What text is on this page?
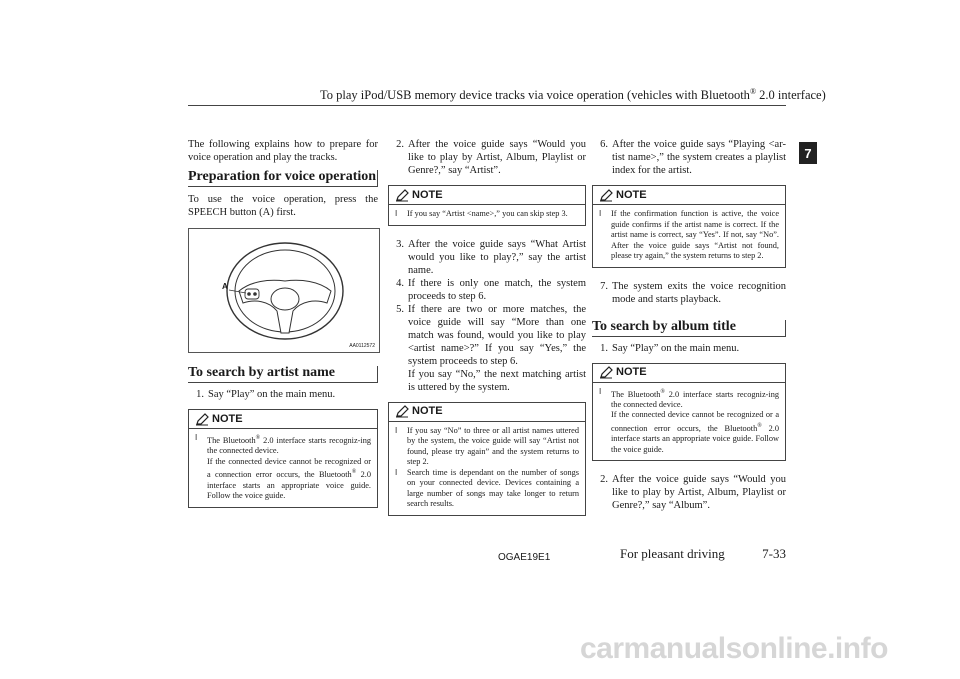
To play iPod/USB memory device tracks via voice operation (vehicles with Bluetooth® 2.0 interface)
7

The following explains how to prepare for voice operation and play the tracks.

Preparation for voice operation

To use the voice operation, press the SPEECH button (A) first.

A
AA0112572
To search by artist name
1. Say “Play” on the main menu.
NOTE
l	The Bluetooth® 2.0 interface starts recogniz-ing the connected device.
If the connected device cannot be recognized or a connection error occurs, the Bluetooth® 2.0 interface starts an appropriate voice guide. Follow the voice guide.
2. After the voice guide says “Would you like to play by Artist, Album, Playlist or Genre?,” say “Artist”.
NOTE
l	If you say “Artist <name>,” you can skip step 3.
3. After the voice guide says “What Artist would you like to play?,” say the artist name.
4. If there is only one match, the system proceeds to step 6.
5. If there are two or more matches, the voice guide will say “More than one match was found, would you like to play <artist name>?” If you say “Yes,” the system proceeds to step 6.
If you say “No,” the next matching artist is uttered by the system.
NOTE
l	If you say “No” to three or all artist names uttered by the system, the voice guide will say “Artist not found, please try again” and the system returns to step 2.
l	Search time is dependant on the number of songs on your connected device. Devices containing a large number of songs may take longer to return search results.
6. After the voice guide says “Playing <ar-tist name>,” the system creates a playlist index for the artist.
NOTE
l	If the confirmation function is active, the voice guide confirms if the artist name is correct. If the artist name is correct, say “Yes”. If not, say “No”. After the voice guide says “Artist not found, please try again,” the system returns to step 2.
7. The system exits the voice recognition mode and starts playback.
To search by album title
1. Say “Play” on the main menu.
NOTE
l	The Bluetooth® 2.0 interface starts recogniz-ing the connected device.
If the connected device cannot be recognized or a connection error occurs, the Bluetooth® 2.0 interface starts an appropriate voice guide. Follow the voice guide.
2. After the voice guide says “Would you like to play by Artist, Album, Playlist or Genre?,” say “Album”.
OGAE19E1	For pleasant driving	7-33
carmanualsonline.info
